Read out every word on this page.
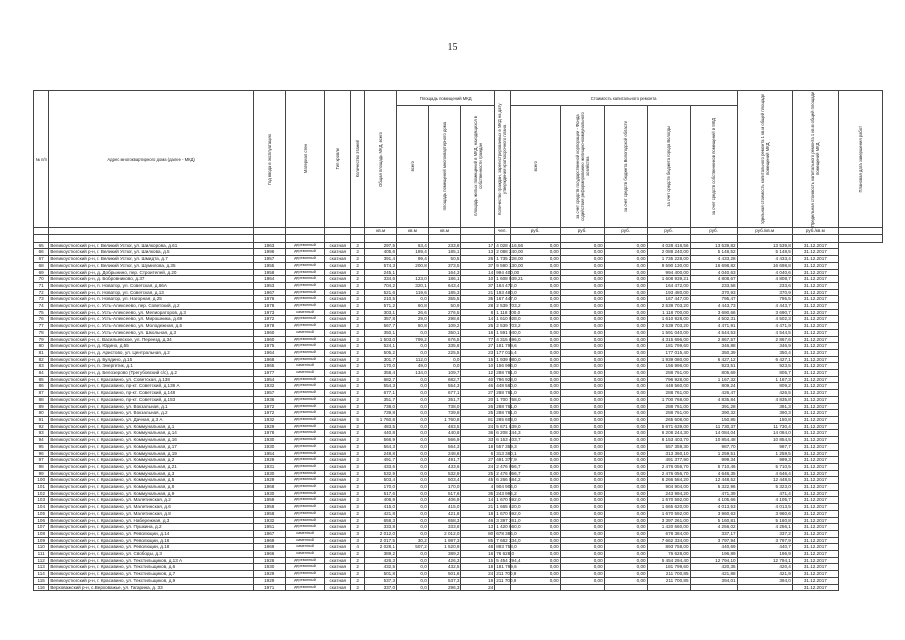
15
№ п/п	Адрес многоквартирного дома (далее - МКД)	Год ввода в эксплуатацию	Материал стен	Тип кровли	Количество этажей	Общая площадь МКД, всего	Площадь помещений МКД			Количество граждан, зарегистрированных в МКД на дату утверждения краткосрочного плана	Стоимость капитального ремонта					Удельная стоимость капитального ремонта 1 кв.м общей площади помещений МКД	Предельная стоимость капитального ремонта 1 кв.м общей площади помещений МКД	Плановая дата завершения работ

							всего	площадь помещений многоквартирного дома	площадь жилых помещений в МКД, находящихся в собственности граждан		всего	за счет средств государственной корпорации - Фонда содействия реформированию жилищно-коммунального хозяйства	за счет средств бюджета Вологодской области	за счет средств бюджета города Вологды	за счет средств собственников помещений в МКД			

						кв.м	кв.м	кв.м		чел.	руб.	руб.	руб.	руб.	руб.	руб./кв.м	руб./кв.м	

65	Великоустюгский р-н, г. Великий Устюг, ул. Шилкорова, д.61	1963	деревянный	скатная	2	297,5	63,4	233,8	17	4 028 416,56	0,00	0,00	0,00	4 028 416,56	13 539,82	13 539,8	31.12.2017	
66	Великоустюгский р-н, г. Великий Устюг, ул. Шилкова, д.5	1996	деревянный	скатная	2	405,6	189,4	185,1	13	2 088 240,00	0,00	0,00	0,00	2 088 240,00	5 148,52	5 148,5	31.12.2017	
67	Великоустюгский р-н, г. Великий Устюг, ул. Шмидта, д.7	1957	деревянный	скатная	2	391,4	99,4	50,5	26	1 735 228,00	0,00	0,00	0,00	1 735 228,00	4 433,28	4 433,4	31.12.2017	
68	Великоустюгский р-н, г. Великий Устюг, ул. Шумилова, д.35	1955	деревянный	скатная	2	574,3	200,8	373,5	37	9 590 130,00	0,00	0,00	0,00	9 590 130,00	16 698,82	16 698,8	31.12.2017	
69	Великоустюгский р-н, д. Добрынино, пер. Строителей, д.20	1958	деревянный	скатная	2	245,1		164,3	14	994 400,00	0,00	0,00	0,00	994 400,00	4 040,63	4 040,6	31.12.2017	
70	Великоустюгский р-н, д. Бобровниково, д.37	1964	деревянный	скатная	2	334,6	123,0	186,1	10	1 608 939,21	0,00	0,00	0,00	1 608 939,21	4 808,67	4 808,7	31.12.2017	
71	Великоустюгский р-н, п. Новатор, ул. Советская, д.66А	1953	деревянный	скатная	2	704,2	320,1	643,4	37	164 472,0	0,00	0,00	0,00	164 472,00	233,58	233,6	31.12.2017	
72	Великоустюгский р-н, п. Новатор, ул. Советская, д.13	1967	деревянный	скатная	2	521,6	119,6	185,3	21	193 480,0	0,00	0,00	0,00	193 480,00	370,93	370,9	31.12.2017	
73	Великоустюгский р-н, п. Новатор, ул. Нагорная, д.25	1976	деревянный	скатная	2	210,5	0,0	355,5	35	167 447,0	0,00	0,00	0,00	167 447,00	795,47	795,5	31.12.2017	
74	Великоустюгский р-н, с. Усть-Алексеево, пер. Советский, д.2	1978	деревянный	скатная	2	571,2	60,8	50,9	28	2 539 703,2	0,00	0,00	0,00	2 539 703,20	4 443,73	4 443,7	31.12.2017	
75	Великоустюгский р-н, с. Усть-Алексеево, ул. Мелиораторов, д.3	1973	каменный	скатная	2	303,1	26,6	276,5	8	1 118 700,0	0,00	0,00	0,00	1 118 700,00	3 690,66	3 690,7	31.12.2017	
76	Великоустюгский р-н, с. Усть-Алексеево, ул. Мирошника, д.69	1972	деревянный	скатная	2	357,8	29,0	298,6	14	1 610 928,0	0,00	0,00	0,00	1 610 928,00	4 502,31	4 502,3	31.12.2017	
77	Великоустюгский р-н, с. Усть-Алексеево, ул. Молодежная, д.5	1978	деревянный	скатная	2	567,7	60,8	109,2	25	2 539 703,2	0,00	0,00	0,00	2 539 703,20	4 471,91	4 471,9	31.12.2017	
78	Великоустюгский р-н, с. Усть-Алексеево, ул. Школьная, д.3	1960	каменный	скатная	2	350,1	0,0	350,1	16	1 591 040,0	0,00	0,00	0,00	1 591 040,00	4 544,53	4 544,5	31.12.2017	
79	Великоустюгский р-н, с. Васильевское, ул. Переезд, д.34	1960	деревянный	скатная	2	1 503,0	799,2	676,5	77	4 315 696,0	0,00	0,00	0,00	4 315 696,00	2 867,57	2 867,6	31.12.2017	
80	Великоустюгский р-н, д. Юдино, д.55	1975	деревянный	скатная	2	524,1	0,0	335,8	27	181 799,6	0,00	0,00	0,00	181 799,60	346,88	346,9	31.12.2017	
81	Великоустюгский р-н, д. Аристово, ул. Центральная, д.2	1964	деревянный	скатная	2	505,2	0,0	225,5	23	177 015,4	0,00	0,00	0,00	177 015,40	350,39	350,4	31.12.2017	
82	Великоустюгский р-н, д. Булдино, д.15	1968	деревянный	скатная	2	301,7	112,0	0,0	15	1 939 080,0	0,00	0,00	0,00	1 939 080,00	6 427,12	6 427,1	31.12.2017	
83	Великоустюгский р-н, п. Энергетик, д.1	1965	каменный	скатная	2	170,0	49,0	0,0	10	156 996,0	0,00	0,00	0,00	156 996,00	923,51	923,5	31.12.2017	
84	Великоустюгский р-н, д. Белозерово (Трегубовский с/с), д.2	1977	каменный	скатная	2	358,4	134,0	109,7	12	288 761,0	0,00	0,00	0,00	288 761,00	805,69	805,7	31.12.2017	
85	Великоустюгский р-н, г. Красавино, ул. Советская, д.138	1954	деревянный	скатная	2	682,7	0,0	682,7	40	796 928,0	0,00	0,00	0,00	796 928,00	1 167,32	1 167,3	31.12.2017	
86	Великоустюгский р-н, г. Красавино, пр-кт. Советский, д.139 А	1932	деревянный	скатная	2	554,3	0,0	554,3	46	448 560,0	0,00	0,00	0,00	448 560,00	809,24	809,2	31.12.2017	
87	Великоустюгский р-н, г. Красавино, пр-кт. Советский, д.148	1957	деревянный	скатная	2	677,1	0,0	677,1	27	288 761,0	0,00	0,00	0,00	288 761,00	426,47	426,5	31.12.2017	
88	Великоустюгский р-н, г. Красавино, пр-кт. Советский, д.153	1936	деревянный	скатная	2	351,7	0,0	351,7	20	1 700 768,0	0,00	0,00	0,00	1 700 768,00	4 835,84	4 835,8	31.12.2017	
89	Великоустюгский р-н, г. Красавино, ул. Вокзальная, д.1	1972	деревянный	скатная	2	738,0	0,0	738,0	26	288 761,0	0,00	0,00	0,00	288 761,00	391,28	391,3	31.12.2017	
90	Великоустюгский р-н, г. Красавино, ул. Вокзальная, д.2	1972	деревянный	скатная	2	739,8	0,0	739,8	25	288 761,0	0,00	0,00	0,00	288 761,00	390,32	390,3	31.12.2017	
91	Великоустюгский р-н, г. Красавино, ул. Дачная, д.3 А	1932	деревянный	скатная	5	1 760,8	0,0	1 760,8	81	265 608,0	0,00	0,00	0,00	265 608,00	150,85	150,8	31.12.2017	
92	Великоустюгский р-н, г. Красавино, ул. Коммунальная, д.1	1929	деревянный	скатная	2	483,5	0,0	483,5	24	5 671 639,0	0,00	0,00	0,00	5 671 639,00	11 730,37	11 730,4	31.12.2017	
93	Великоустюгский р-н, г. Красавино, ул. Коммунальная, д.14	1978	деревянный	скатная	2	440,8	0,0	440,8	36	6 208 244,3	0,00	0,00	0,00	6 208 244,30	14 084,04	14 084,0	31.12.2017	
94	Великоустюгский р-н, г. Красавино, ул. Коммунальная, д.16	1930	деревянный	скатная	2	566,9	0,0	566,9	33	6 153 403,7	0,00	0,00	0,00	6 153 403,70	10 854,48	10 854,5	31.12.2017	
95	Великоустюгский р-н, г. Красавино, ул. Коммунальная, д.17	1930	деревянный	скатная	2	564,3	0,0	564,3	18	557 359,3	0,00	0,00	0,00	557 359,30	987,70	987,7	31.12.2017	
96	Великоустюгский р-н, г. Красавино, ул. Коммунальная, д.19	1954	деревянный	скатная	2	248,8	0,0	248,8	6	313 360,1	0,00	0,00	0,00	313 360,10	1 259,51	1 259,5	31.12.2017	
97	Великоустюгский р-н, г. Красавино, ул. Коммунальная, д.2	1929	деревянный	скатная	2	491,7	0,0	491,7	27	491 377,9	0,00	0,00	0,00	491 377,90	999,34	999,3	31.12.2017	
98	Великоустюгский р-н, г. Красавино, ул. Коммунальная, д.21	1931	деревянный	скатная	2	433,6	0,0	433,6	24	2 476 056,7	0,00	0,00	0,00	2 476 056,70	5 710,46	5 710,5	31.12.2017	
99	Великоустюгский р-н, г. Красавино, ул. Коммунальная, д.3	1930	деревянный	скатная	2	532,9	0,0	532,9	25	2 476 056,7	0,00	0,00	0,00	2 476 056,70	4 646,35	4 646,4	31.12.2017	
100	Великоустюгский р-н, г. Красавино, ул. Коммунальная, д.5	1929	деревянный	скатная	2	503,4	0,0	503,4	45	6 266 584,2	0,00	0,00	0,00	6 266 584,20	12 448,52	12 448,5	31.12.2017	
101	Великоустюгский р-н, г. Красавино, ул. Коммунальная, д.8	1968	деревянный	скатная	2	170,0	0,0	170,0	4	904 904,0	0,00	0,00	0,00	904 904,00	5 322,96	5 323,0	31.12.2017	
102	Великоустюгский р-н, г. Красавино, ул. Коммунальная, д.9	1930	деревянный	скатная	2	517,6	0,0	517,6	35	243 994,2	0,00	0,00	0,00	243 994,20	471,39	471,4	31.12.2017	
103	Великоустюгский р-н, г. Красавино, ул. Малетинская, д.2	1959	деревянный	скатная	2	406,9	0,0	406,9	14	1 670 592,0	0,00	0,00	0,00	1 670 592,00	4 105,66	4 105,7	31.12.2017	
104	Великоустюгский р-н, г. Красавино, ул. Малетинская, д.6	1958	деревянный	скатная	2	415,0	0,0	415,0	21	1 665 620,0	0,00	0,00	0,00	1 665 620,00	4 013,53	4 013,5	31.12.2017	
105	Великоустюгский р-н, г. Красавино, ул. Малетинская, д.8	1958	деревянный	скатная	2	421,8	0,0	421,8	18	1 670 592,0	0,00	0,00	0,00	1 670 592,00	3 960,63	3 960,6	31.12.2017	
106	Великоустюгский р-н, г. Красавино, ул. Набережная, д.3	1932	деревянный	скатная	2	658,3	0,0	658,3	46	3 397 261,0	0,00	0,00	0,00	3 397 261,00	5 160,81	5 160,8	31.12.2017	
107	Великоустюгский р-н, г. Красавино, ул. Пушкина, д.2	1951	деревянный	скатная	2	333,8	0,0	333,8	13	1 420 660,0	0,00	0,00	0,00	1 420 660,00	4 256,02	4 256,1	31.12.2017	
108	Великоустюгский р-н, г. Красавино, ул. Революции, д.14	1967	каменный	скатная	3	2 012,0	0,0	2 012,0	80	678 384,0	0,00	0,00	0,00	678 384,00	337,17	337,2	31.12.2017	
109	Великоустюгский р-н, г. Красавино, ул. Революции, д.16	1969	каменный	скатная	3	2 017,5	30,2	1 987,3	85	7 662 334,0	0,00	0,00	0,00	7 662 334,00	3 797,94	3 797,9	31.12.2017	
110	Великоустюгский р-н, г. Красавино, ул. Революции, д.18	1969	каменный	скатная	4	2 028,1	507,2	1 520,9	48	893 758,0	0,00	0,00	0,00	893 758,00	440,69	440,7	31.12.2017	
111	Великоустюгский р-н, г. Красавино, ул. Свободы, д.3	1966	каменный	скатная	2	389,2	0,0	389,2	16	76 628,0	0,00	0,00	0,00	76 628,00	196,89	196,9	31.12.2017	
112	Великоустюгский р-н, г. Красавино, ул. Текстильщиков, д.13 А	1926	деревянный	скатная	2	426,3	0,0	426,3	15	5 454 294,4	0,00	0,00	0,00	5 454 294,40	12 794,10	12 794,1	31.12.2017	
113	Великоустюгский р-н, г. Красавино, ул. Текстильщиков, д.6	1930	деревянный	скатная	2	432,5	0,0	432,5	18	181 799,6	0,00	0,00	0,00	181 799,60	420,35	420,4	31.12.2017	
114	Великоустюгский р-н, г. Красавино, ул. Текстильщиков, д.7	1929	деревянный	скатная	2	501,8	0,0	501,8	24	211 700,9	0,00	0,00	0,00	211 700,85	421,88	421,9	31.12.2017	
115	Великоустюгский р-н, г. Красавино, ул. Текстильщиков, д.9	1929	деревянный	скатная	2	537,3	0,0	537,3	19	211 700,9	0,00	0,00	0,00	211 700,85	394,01	394,0	31.12.2017	
116	Верховажский р-н, с.Верховажье, ул. Гагарина, д. 33	1971	деревянный	скатная	2	337,0	0,0	296,3	24								31.12.2017	
